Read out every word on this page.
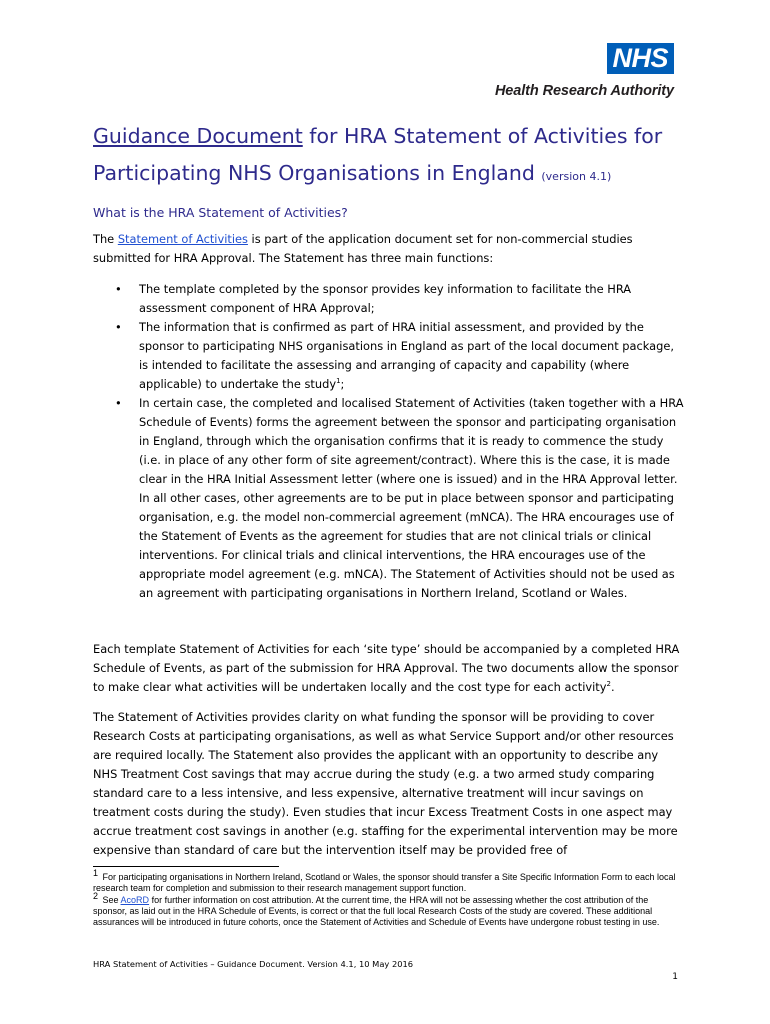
NHS
Health Research Authority
Guidance Document for HRA Statement of Activities for
Participating NHS Organisations in England (version 4.1)
What is the HRA Statement of Activities?
The Statement of Activities is part of the application document set for non-commercial studies submitted for HRA Approval. The Statement has three main functions:
• The template completed by the sponsor provides key information to facilitate the HRA assessment component of HRA Approval;
• The information that is confirmed as part of HRA initial assessment, and provided by the sponsor to participating NHS organisations in England as part of the local document package, is intended to facilitate the assessing and arranging of capacity and capability (where applicable) to undertake the study$^1$;
• In certain case, the completed and localised Statement of Activities (taken together with a HRA Schedule of Events) forms the agreement between the sponsor and participating organisation in England, through which the organisation confirms that it is ready to commence the study (i.e. in place of any other form of site agreement/contract). Where this is the case, it is made clear in the HRA Initial Assessment letter (where one is issued) and in the HRA Approval letter. In all other cases, other agreements are to be put in place between sponsor and participating organisation, e.g. the model non-commercial agreement (mNCA). The HRA encourages use of the Statement of Events as the agreement for studies that are not clinical trials or clinical interventions. For clinical trials and clinical interventions, the HRA encourages use of the appropriate model agreement (e.g. mNCA). The Statement of Activities should not be used as an agreement with participating organisations in Northern Ireland, Scotland or Wales.
Each template Statement of Activities for each ‘site type’ should be accompanied by a completed HRA Schedule of Events, as part of the submission for HRA Approval. The two documents allow the sponsor to make clear what activities will be undertaken locally and the cost type for each activity$^2$.
The Statement of Activities provides clarity on what funding the sponsor will be providing to cover Research Costs at participating organisations, as well as what Service Support and/or other resources are required locally. The Statement also provides the applicant with an opportunity to describe any NHS Treatment Cost savings that may accrue during the study (e.g. a two armed study comparing standard care to a less intensive, and less expensive, alternative treatment will incur savings on treatment costs during the study). Even studies that incur Excess Treatment Costs in one aspect may accrue treatment cost savings in another (e.g. staffing for the experimental intervention may be more expensive than standard of care but the intervention itself may be provided free of

1 For participating organisations in Northern Ireland, Scotland or Wales, the sponsor should transfer a Site Specific Information Form to each local research team for completion and submission to their research management support function.

2 See AcoRD for further information on cost attribution. At the current time, the HRA will not be assessing whether the cost attribution of the sponsor, as laid out in the HRA Schedule of Events, is correct or that the full local Research Costs of the study are covered. These additional assurances will be introduced in future cohorts, once the Statement of Activities and Schedule of Events have undergone robust testing in use.

HRA Statement of Activities – Guidance Document. Version 4.1, 10 May 2016
1
